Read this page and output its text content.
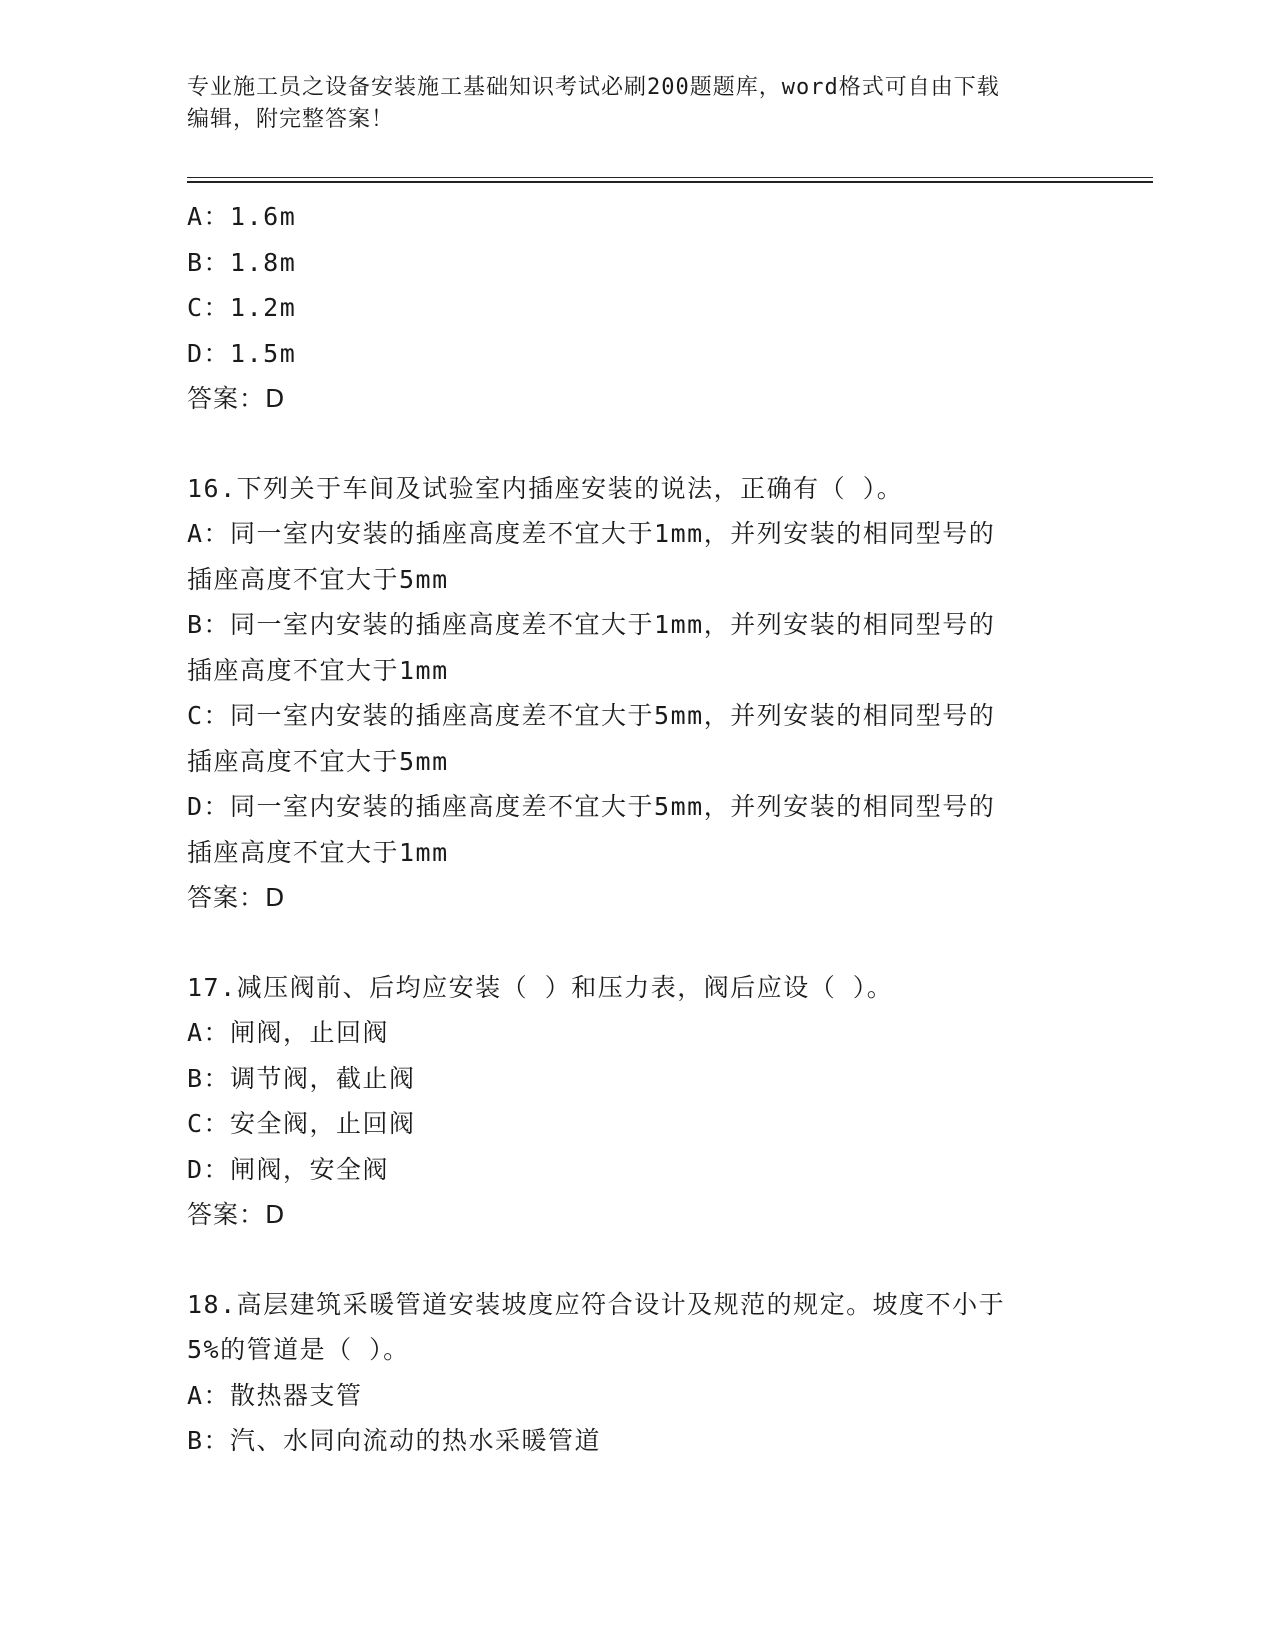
专业施工员之设备安装施工基础知识考试必刷200题题库，word格式可自由下载
编辑，附完整答案！
A：1.6m
B：1.8m
C：1.2m
D：1.5m
答案：D
16.下列关于车间及试验室内插座安装的说法，正确有（ ）。
A：同一室内安装的插座高度差不宜大于1mm，并列安装的相同型号的
插座高度不宜大于5mm
B：同一室内安装的插座高度差不宜大于1mm，并列安装的相同型号的
插座高度不宜大于1mm
C：同一室内安装的插座高度差不宜大于5mm，并列安装的相同型号的
插座高度不宜大于5mm
D：同一室内安装的插座高度差不宜大于5mm，并列安装的相同型号的
插座高度不宜大于1mm
答案：D
17.减压阀前、后均应安装（ ）和压力表，阀后应设（ ）。
A：闸阀，止回阀
B：调节阀，截止阀
C：安全阀，止回阀
D：闸阀，安全阀
答案：D
18.高层建筑采暖管道安装坡度应符合设计及规范的规定。坡度不小于
5%的管道是（ ）。
A：散热器支管
B：汽、水同向流动的热水采暖管道
